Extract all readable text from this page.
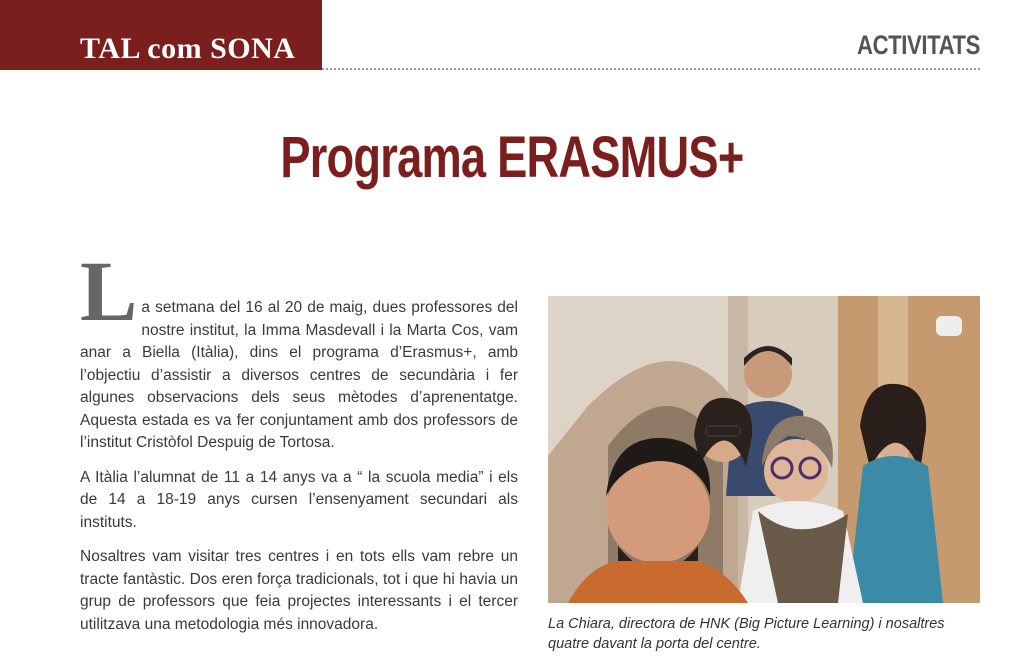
TAL com SONA	ACTIVITATS
Programa ERASMUS+
L a setmana del 16 al 20 de maig, dues professores del nostre institut, la Imma Masdevall i la Marta Cos, vam anar a Biella (Itàlia), dins el programa d’Erasmus+, amb l’objectiu d’assistir a diversos centres de secundària i fer algunes observacions dels seus mètodes d’aprenentatge. Aquesta estada es va fer conjuntament amb dos professors de l’institut Cristòfol Despuig de Tortosa.

A Itàlia l’alumnat de 11 a 14 anys va a “ la scuola media” i els de 14 a 18-19 anys cursen l’ensenyament secundari als instituts.

Nosaltres vam visitar tres centres i en tots ells vam rebre un tracte fantàstic. Dos eren força tradicionals, tot i que hi havia un grup de professors que feia projectes interessants i el tercer utilitzava una metodologia més innovadora.	La Chiara, directora de HNK (Big Picture Learning) i nosaltres quatre davant la porta del centre.
